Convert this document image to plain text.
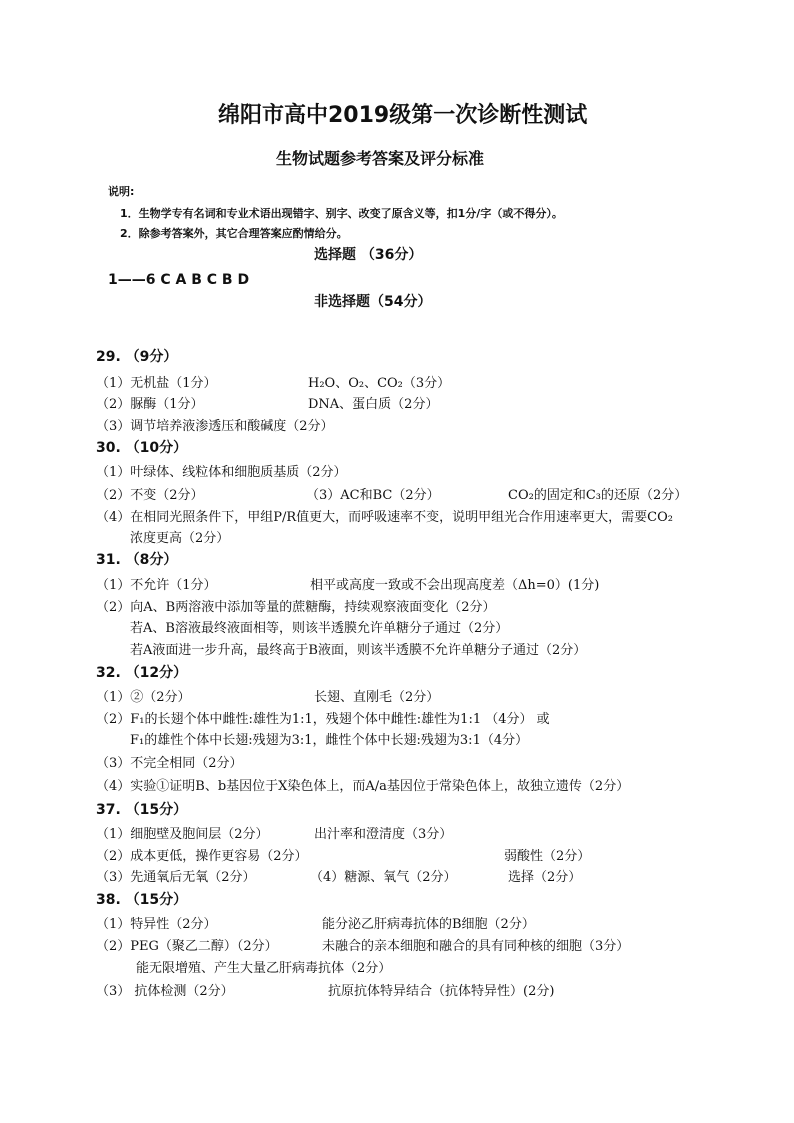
绵阳市高中2019级第一次诊断性测试
生物试题参考答案及评分标准
说明:
1．生物学专有名词和专业术语出现错字、别字、改变了原含义等，扣1分/字（或不得分）。
2．除参考答案外，其它合理答案应酌情给分。
选择题 （36分）
1——6 C A B C B D
非选择题（54分）
29. （9分）
（1）无机盐（1分）	H₂O、O₂、CO₂（3分）
（2）脲酶（1分）	DNA、蛋白质（2分）
（3）调节培养液渗透压和酸碱度（2分）
30. （10分）
（1）叶绿体、线粒体和细胞质基质（2分）
（2）不变（2分）	（3）AC和BC（2分）	CO₂的固定和C₃的还原（2分）
（4）在相同光照条件下，甲组P/R值更大，而呼吸速率不变，说明甲组光合作用速率更大，需要CO₂
浓度更高（2分）
31. （8分）
（1）不允许（1分）	相平或高度一致或不会出现高度差（Δh=0）(1分)
（2）向A、B两溶液中添加等量的蔗糖酶，持续观察液面变化（2分）
若A、B溶液最终液面相等，则该半透膜允许单糖分子通过（2分）
若A液面进一步升高，最终高于B液面，则该半透膜不允许单糖分子通过（2分）
32. （12分）
（1）②（2分）	长翅、直刚毛（2分）
（2）F₁的长翅个体中雌性:雄性为1:1，残翅个体中雌性:雄性为1:1 （4分） 或
F₁的雄性个体中长翅:残翅为3:1，雌性个体中长翅:残翅为3:1（4分）
（3）不完全相同（2分）
（4）实验①证明B、b基因位于X染色体上，而A/a基因位于常染色体上，故独立遗传（2分）
37. （15分）
（1）细胞壁及胞间层（2分）	出汁率和澄清度（3分）
（2）成本更低，操作更容易（2分）	弱酸性（2分）
（3）先通氧后无氧（2分）	（4）糖源、氧气（2分）	选择（2分）
38. （15分）
（1）特异性（2分）	能分泌乙肝病毒抗体的B细胞（2分）
（2）PEG（聚乙二醇）（2分）	未融合的亲本细胞和融合的具有同种核的细胞（3分）
能无限增殖、产生大量乙肝病毒抗体（2分）
（3） 抗体检测（2分）	抗原抗体特异结合（抗体特异性）(2分)
